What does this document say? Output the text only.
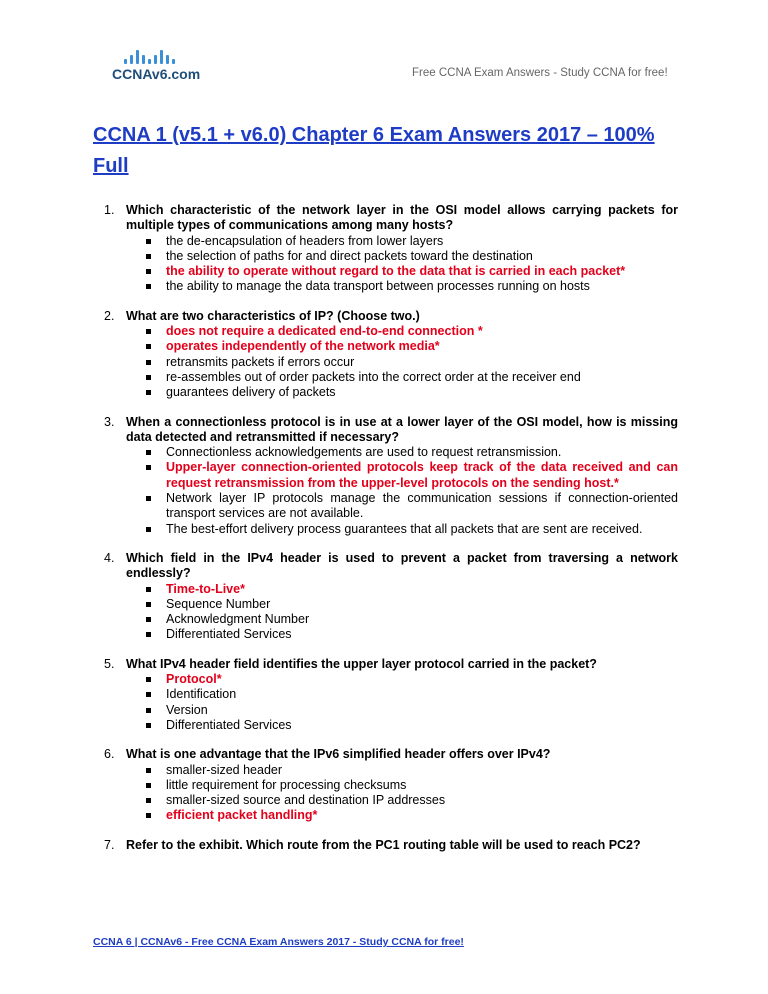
CCNAv6.com	Free CCNA Exam Answers - Study CCNA for free!
CCNA 1 (v5.1 + v6.0) Chapter 6 Exam Answers 2017 – 100% Full
1. Which characteristic of the network layer in the OSI model allows carrying packets for multiple types of communications among many hosts?
the de-encapsulation of headers from lower layers
the selection of paths for and direct packets toward the destination
the ability to operate without regard to the data that is carried in each packet*
the ability to manage the data transport between processes running on hosts
2. What are two characteristics of IP? (Choose two.)
does not require a dedicated end-to-end connection *
operates independently of the network media*
retransmits packets if errors occur
re-assembles out of order packets into the correct order at the receiver end
guarantees delivery of packets
3. When a connectionless protocol is in use at a lower layer of the OSI model, how is missing data detected and retransmitted if necessary?
Connectionless acknowledgements are used to request retransmission.
Upper-layer connection-oriented protocols keep track of the data received and can request retransmission from the upper-level protocols on the sending host.*
Network layer IP protocols manage the communication sessions if connection-oriented transport services are not available.
The best-effort delivery process guarantees that all packets that are sent are received.
4. Which field in the IPv4 header is used to prevent a packet from traversing a network endlessly?
Time-to-Live*
Sequence Number
Acknowledgment Number
Differentiated Services
5. What IPv4 header field identifies the upper layer protocol carried in the packet?
Protocol*
Identification
Version
Differentiated Services
6. What is one advantage that the IPv6 simplified header offers over IPv4?
smaller-sized header
little requirement for processing checksums
smaller-sized source and destination IP addresses
efficient packet handling*
7. Refer to the exhibit. Which route from the PC1 routing table will be used to reach PC2?
CCNA 6 | CCNAv6 - Free CCNA Exam Answers 2017 - Study CCNA for free!
